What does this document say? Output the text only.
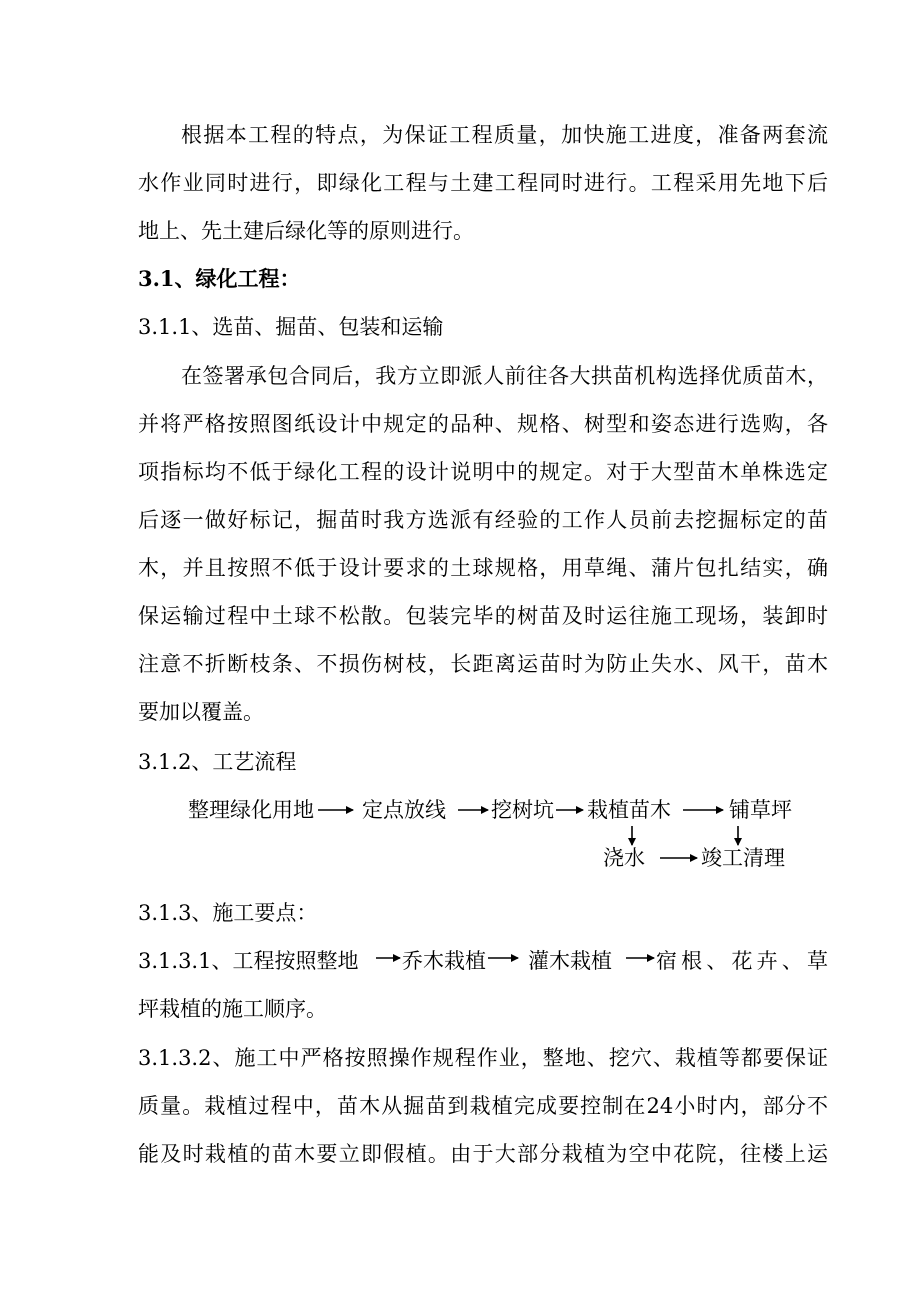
根据本工程的特点，为保证工程质量，加快施工进度，准备两套流
水作业同时进行，即绿化工程与土建工程同时进行。工程采用先地下后
地上、先土建后绿化等的原则进行。
3.1、绿化工程：
3.1.1、选苗、掘苗、包装和运输
在签署承包合同后，我方立即派人前往各大拱苗机构选择优质苗木，
并将严格按照图纸设计中规定的品种、规格、树型和姿态进行选购，各
项指标均不低于绿化工程的设计说明中的规定。对于大型苗木单株选定
后逐一做好标记，掘苗时我方选派有经验的工作人员前去挖掘标定的苗
木，并且按照不低于设计要求的土球规格，用草绳、蒲片包扎结实，确
保运输过程中土球不松散。包装完毕的树苗及时运往施工现场，装卸时
注意不折断枝条、不损伤树枝，长距离运苗时为防止失水、风干，苗木
要加以覆盖。
3.1.2、工艺流程
整理绿化用地 定点放线 挖树坑 栽植苗木	铺草坪
浇水	竣工清理
3.1.3、施工要点：
3.1.3.1、工程按照整地	乔木栽植 灌木栽植 宿根、花卉、草
坪栽植的施工顺序。
3.1.3.2、施工中严格按照操作规程作业，整地、挖穴、栽植等都要保证
质量。栽植过程中，苗木从掘苗到栽植完成要控制在24小时内，部分不
能及时栽植的苗木要立即假植。由于大部分栽植为空中花院，往楼上运
